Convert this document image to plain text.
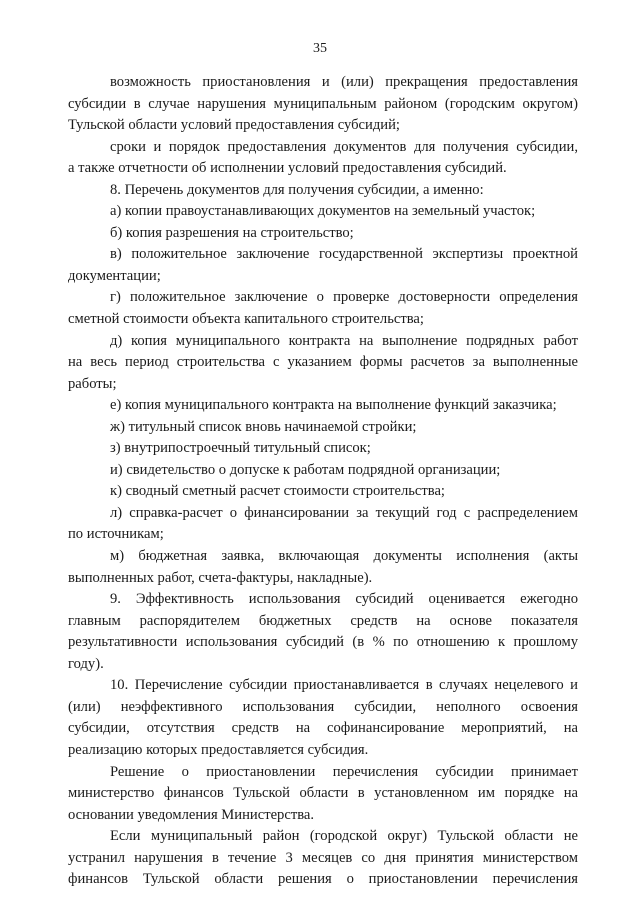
35
возможность приостановления и (или) прекращения предоставления
субсидии в случае нарушения муниципальным районом (городским округом)
Тульской области условий предоставления субсидий;
сроки и порядок предоставления документов для получения субсидии,
а также отчетности об исполнении условий предоставления субсидий.
8. Перечень документов для получения субсидии, а именно:
а) копии правоустанавливающих документов на земельный участок;
б) копия разрешения на строительство;
в) положительное заключение государственной экспертизы проектной
документации;
г) положительное заключение о проверке достоверности определения
сметной стоимости объекта капитального строительства;
д) копия муниципального контракта на выполнение подрядных работ
на весь период строительства с указанием формы расчетов за выполненные
работы;
е) копия муниципального контракта на выполнение функций заказчика;
ж) титульный список вновь начинаемой стройки;
з) внутрипостроечный титульный список;
и) свидетельство о допуске к работам подрядной организации;
к) сводный сметный расчет стоимости строительства;
л) справка-расчет о финансировании за текущий год с распределением
по источникам;
м) бюджетная заявка, включающая документы исполнения (акты
выполненных работ, счета-фактуры, накладные).
9. Эффективность использования субсидий оценивается ежегодно
главным распорядителем бюджетных средств на основе показателя
результативности использования субсидий (в % по отношению к прошлому
году).
10. Перечисление субсидии приостанавливается в случаях нецелевого и
(или) неэффективного использования субсидии, неполного освоения
субсидии, отсутствия средств на софинансирование мероприятий, на
реализацию которых предоставляется субсидия.
Решение о приостановлении перечисления субсидии принимает
министерство финансов Тульской области в установленном им порядке на
основании уведомления Министерства.
Если муниципальный район (городской округ) Тульской области не
устранил нарушения в течение 3 месяцев со дня принятия министерством
финансов Тульской области решения о приостановлении перечисления
